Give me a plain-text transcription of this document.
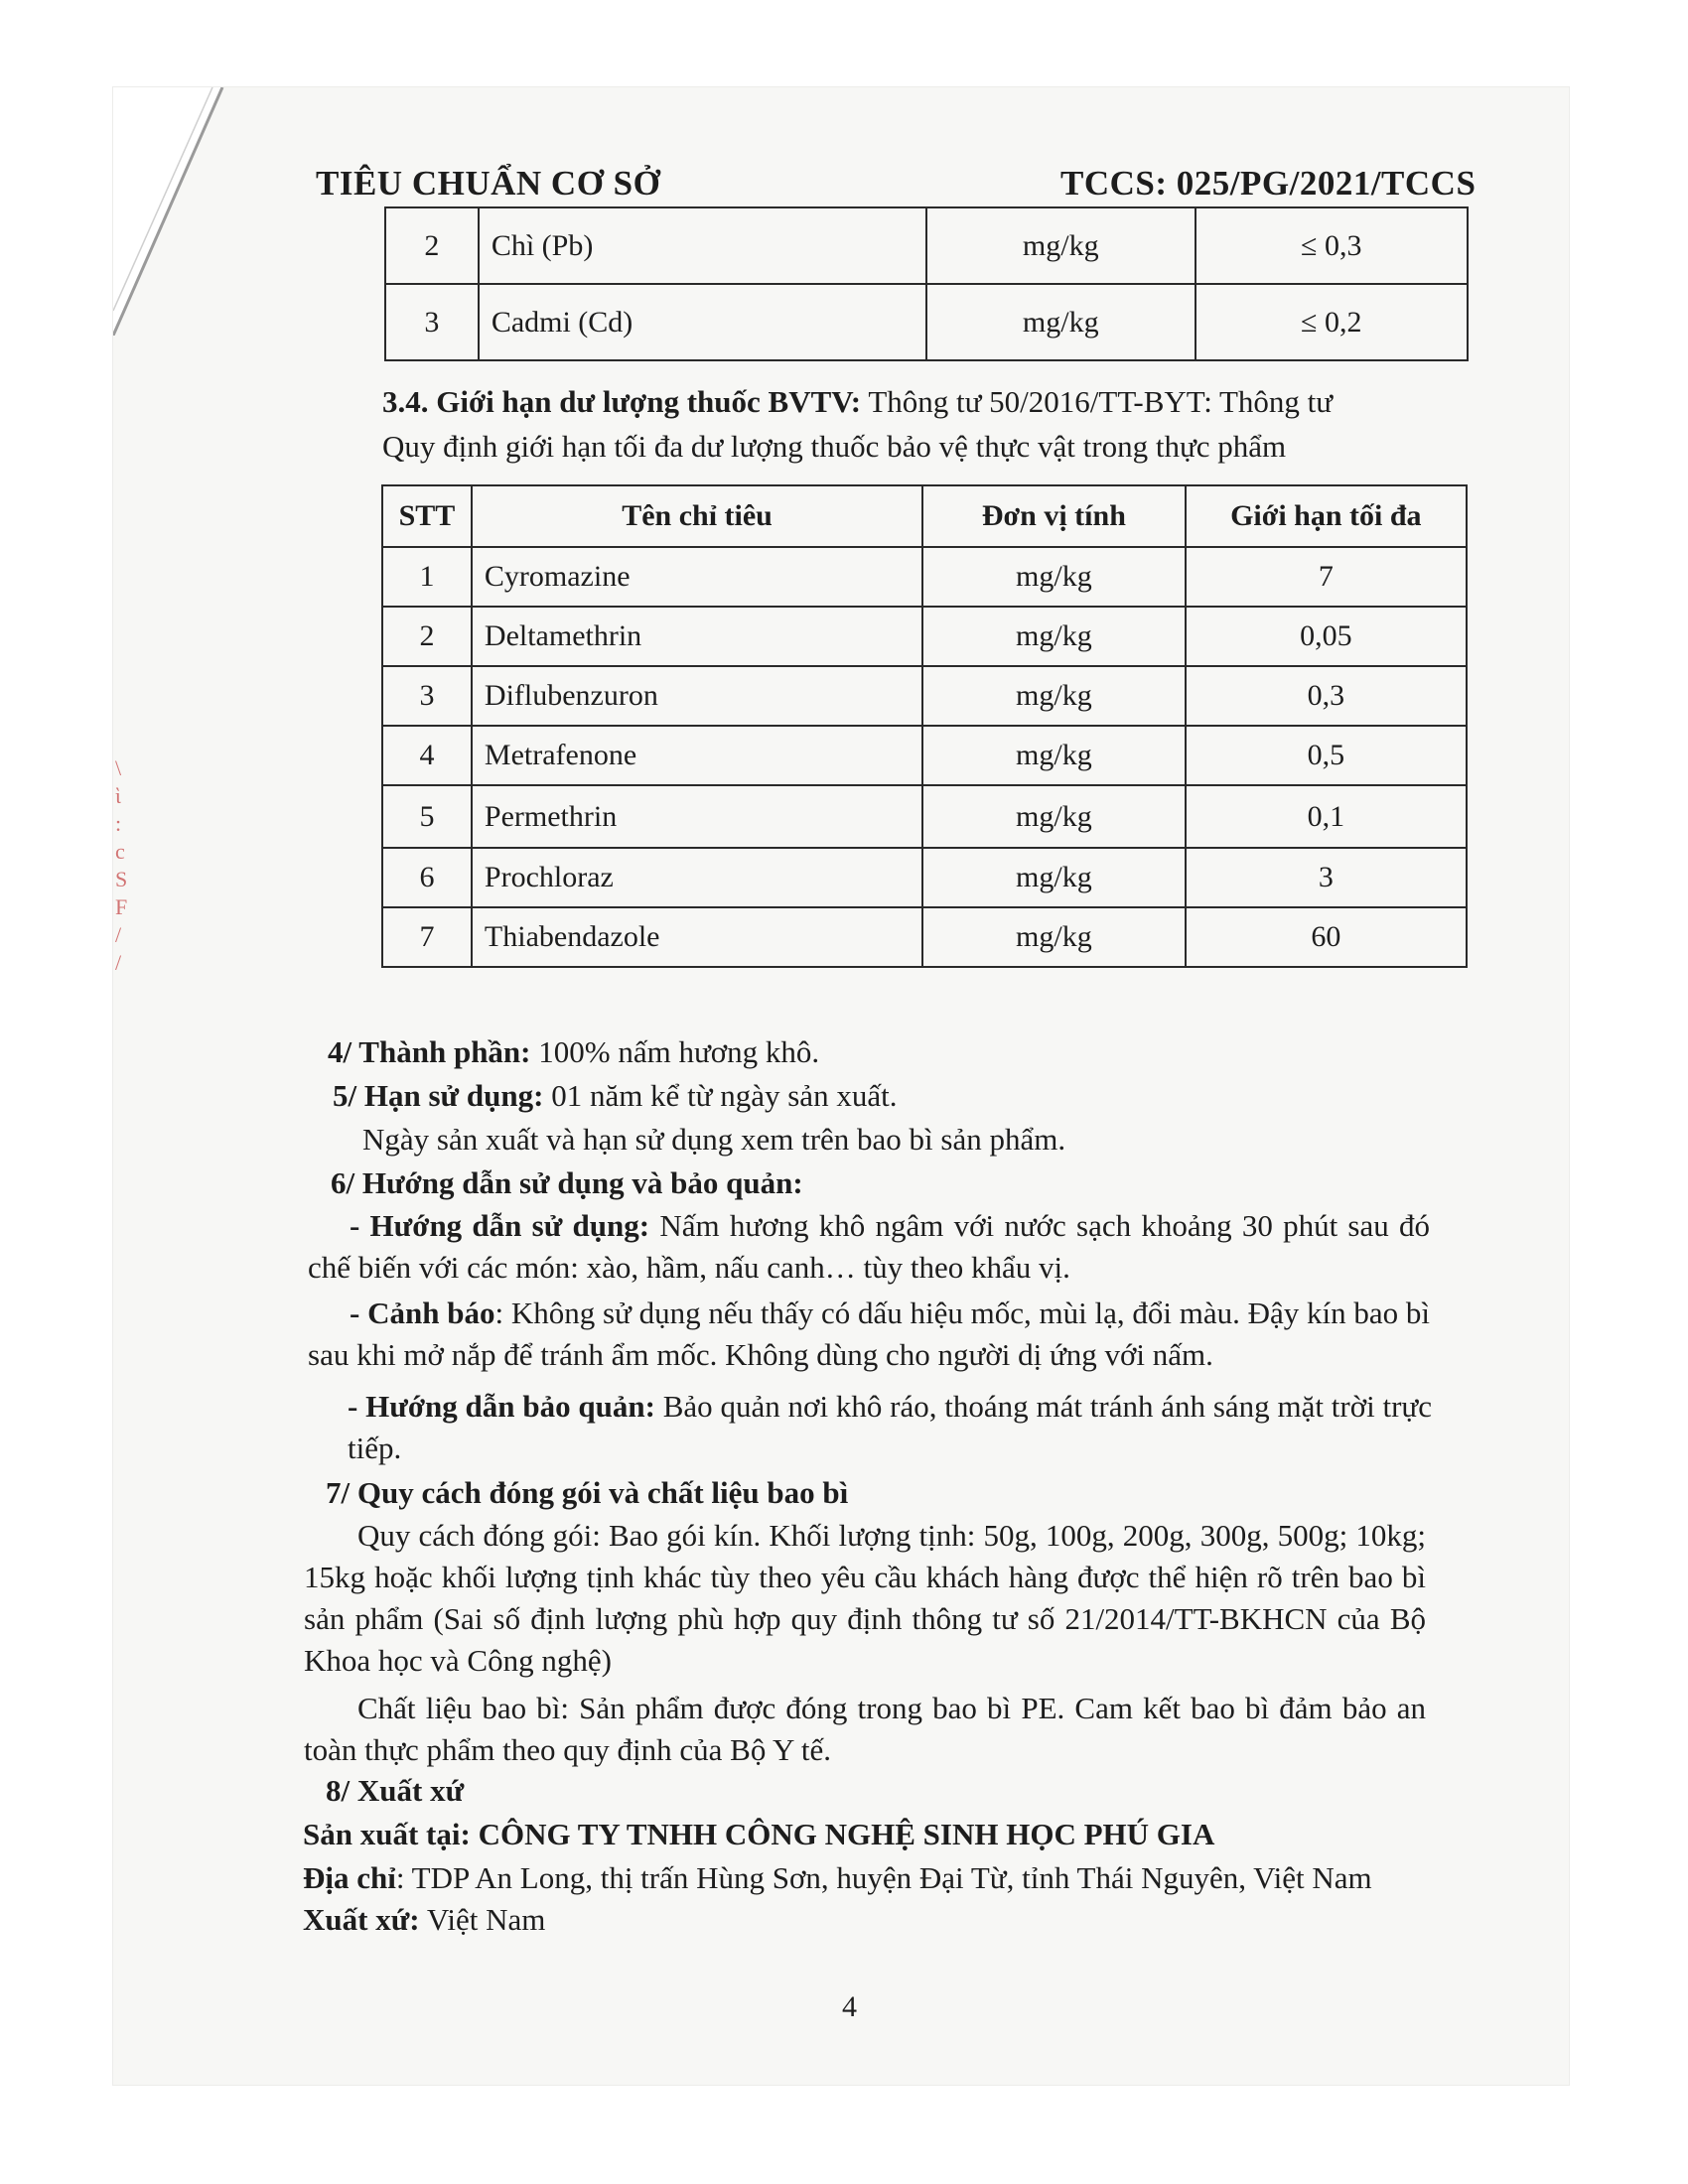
\
ὶ
:
c
S
F
/
/
TIÊU CHUẨN CƠ SỞ	TCCS: 025/PG/2021/TCCS
2	Chì (Pb)	mg/kg	≤ 0,3
3	Cadmi (Cd)	mg/kg	≤ 0,2
3.4. Giới hạn dư lượng thuốc BVTV: Thông tư 50/2016/TT-BYT: Thông tư
Quy định giới hạn tối đa dư lượng thuốc bảo vệ thực vật trong thực phẩm
STT	Tên chỉ tiêu	Đơn vị tính	Giới hạn tối đa
1	Cyromazine	mg/kg	7
2	Deltamethrin	mg/kg	0,05
3	Diflubenzuron	mg/kg	0,3
4	Metrafenone	mg/kg	0,5
5	Permethrin	mg/kg	0,1
6	Prochloraz	mg/kg	3
7	Thiabendazole	mg/kg	60
4/ Thành phần: 100% nấm hương khô.
5/ Hạn sử dụng: 01 năm kể từ ngày sản xuất.
Ngày sản xuất và hạn sử dụng xem trên bao bì sản phẩm.
6/ Hướng dẫn sử dụng và bảo quản:
- Hướng dẫn sử dụng: Nấm hương khô ngâm với nước sạch khoảng 30 phút sau đó chế biến với các món: xào, hầm, nấu canh… tùy theo khẩu vị.
- Cảnh báo: Không sử dụng nếu thấy có dấu hiệu mốc, mùi lạ, đổi màu. Đậy kín bao bì sau khi mở nắp để tránh ẩm mốc. Không dùng cho người dị ứng với nấm.
- Hướng dẫn bảo quản: Bảo quản nơi khô ráo, thoáng mát tránh ánh sáng mặt trời trực tiếp.
7/ Quy cách đóng gói và chất liệu bao bì
Quy cách đóng gói: Bao gói kín. Khối lượng tịnh: 50g, 100g, 200g, 300g, 500g; 10kg; 15kg hoặc khối lượng tịnh khác tùy theo yêu cầu khách hàng được thể hiện rõ trên bao bì sản phẩm (Sai số định lượng phù hợp quy định thông tư số 21/2014/TT-BKHCN của Bộ Khoa học và Công nghệ)
Chất liệu bao bì: Sản phẩm được đóng trong bao bì PE. Cam kết bao bì đảm bảo an toàn thực phẩm theo quy định của Bộ Y tế.
8/ Xuất xứ
Sản xuất tại: CÔNG TY TNHH CÔNG NGHỆ SINH HỌC PHÚ GIA
Địa chỉ: TDP An Long, thị trấn Hùng Sơn, huyện Đại Từ, tỉnh Thái Nguyên, Việt Nam
Xuất xứ: Việt Nam
4
